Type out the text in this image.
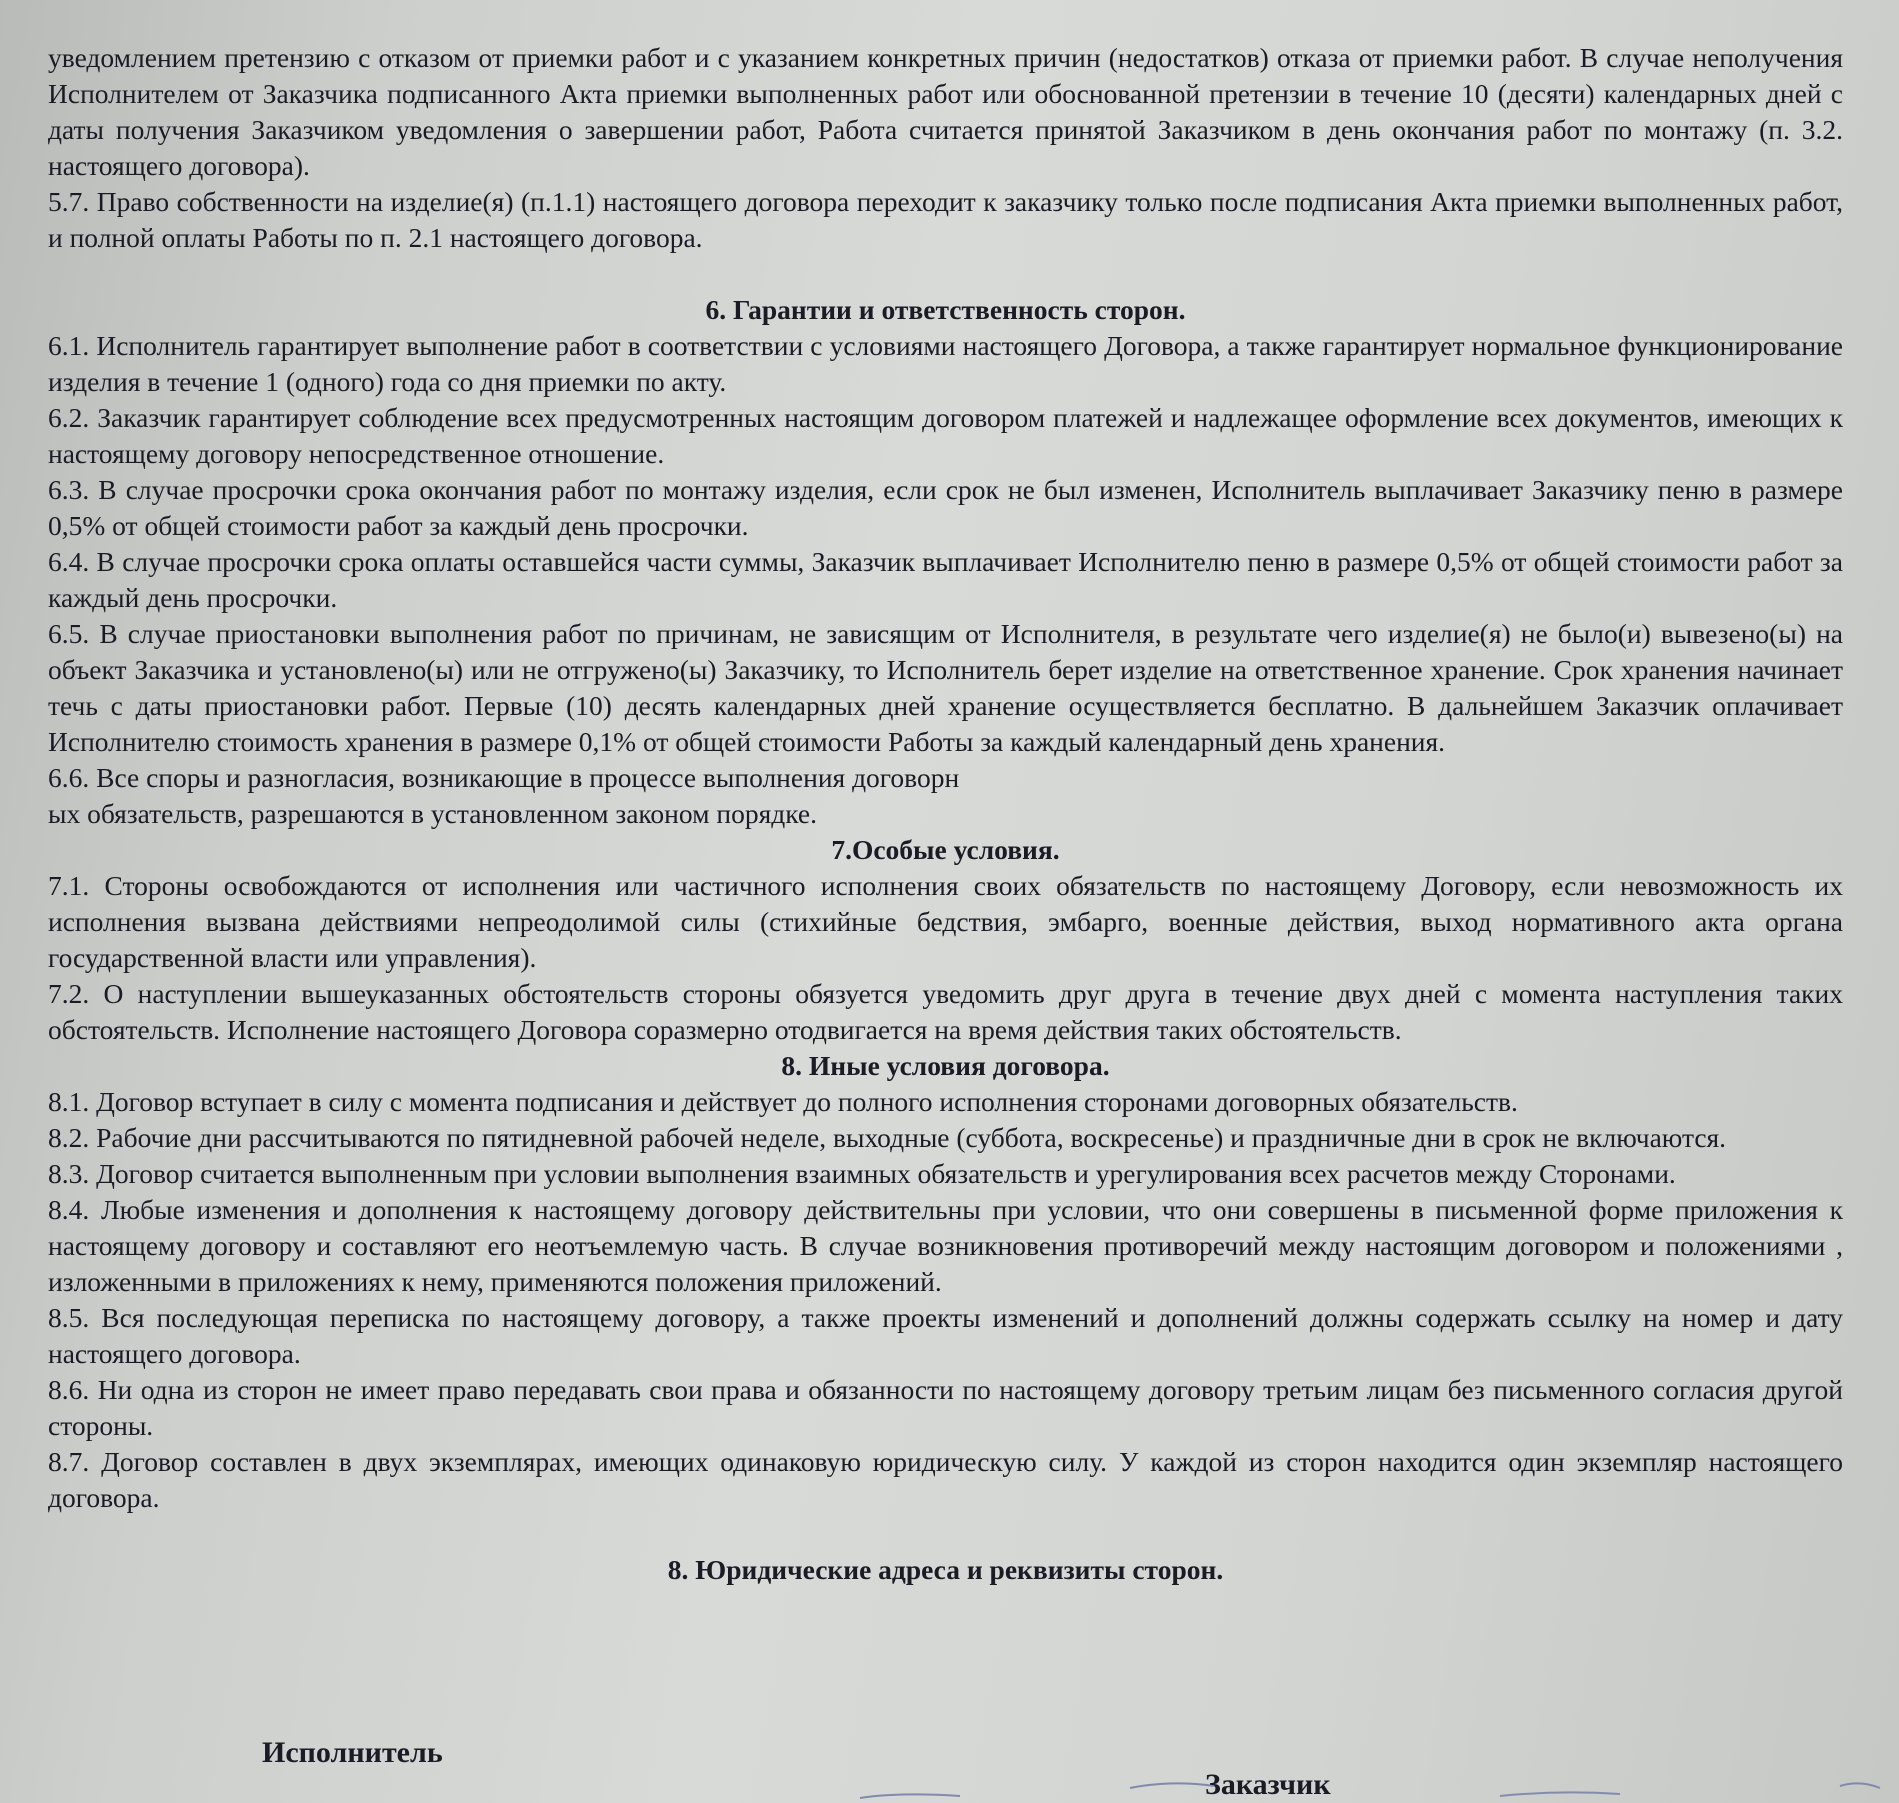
уведомлением претензию с отказом от приемки работ и с указанием конкретных причин (недостатков) отказа от приемки работ. В случае неполучения Исполнителем от Заказчика подписанного Акта приемки выполненных работ или обоснованной претензии в течение 10 (десяти) календарных дней с даты получения Заказчиком уведомления о завершении работ, Работа считается принятой Заказчиком в день окончания работ по монтажу (п. 3.2. настоящего договора).

5.7. Право собственности на изделие(я) (п.1.1) настоящего договора переходит к заказчику только после подписания Акта приемки выполненных работ, и полной оплаты Работы по п. 2.1 настоящего договора.

6. Гарантии и ответственность сторон.

6.1. Исполнитель гарантирует выполнение работ в соответствии с условиями настоящего Договора, а также гарантирует нормальное функционирование изделия в течение 1 (одного) года со дня приемки по акту.

6.2. Заказчик гарантирует соблюдение всех предусмотренных настоящим договором платежей и надлежащее оформление всех документов, имеющих к настоящему договору непосредственное отношение.

6.3. В случае просрочки срока окончания работ по монтажу изделия, если срок не был изменен, Исполнитель выплачивает Заказчику пеню в размере 0,5% от общей стоимости работ за каждый день просрочки.

6.4. В случае просрочки срока оплаты оставшейся части суммы, Заказчик выплачивает Исполнителю пеню в размере 0,5% от общей стоимости работ за каждый день просрочки.

6.5. В случае приостановки выполнения работ по причинам, не зависящим от Исполнителя, в результате чего изделие(я) не было(и) вывезено(ы) на объект Заказчика и установлено(ы) или не отгружено(ы) Заказчику, то Исполнитель берет изделие на ответственное хранение. Срок хранения начинает течь с даты приостановки работ. Первые (10) десять календарных дней хранение осуществляется бесплатно. В дальнейшем Заказчик оплачивает Исполнителю стоимость хранения в размере 0,1% от общей стоимости Работы за каждый календарный день хранения.

6.6. Все споры и разногласия, возникающие в процессе выполнения договорн

ых обязательств, разрешаются в установленном законом порядке.

7.Особые условия.

7.1. Стороны освобождаются от исполнения или частичного исполнения своих обязательств по настоящему Договору, если невозможность их исполнения вызвана действиями непреодолимой силы (стихийные бедствия, эмбарго, военные действия, выход нормативного акта органа государственной власти или управления).

7.2. О наступлении вышеуказанных обстоятельств стороны обязуется уведомить друг друга в течение двух дней с момента наступления таких обстоятельств. Исполнение настоящего Договора соразмерно отодвигается на время действия таких обстоятельств.

8. Иные условия договора.

8.1. Договор вступает в силу с момента подписания и действует до полного исполнения сторонами договорных обязательств.

8.2. Рабочие дни рассчитываются по пятидневной рабочей неделе, выходные (суббота, воскресенье) и праздничные дни в срок не включаются.

8.3. Договор считается выполненным при условии выполнения взаимных обязательств и урегулирования всех расчетов между Сторонами.

8.4. Любые изменения и дополнения к настоящему договору действительны при условии, что они совершены в письменной форме приложения к настоящему договору и составляют его неотъемлемую часть. В случае возникновения противоречий между настоящим договором и положениями , изложенными в приложениях к нему, применяются положения приложений.

8.5. Вся последующая переписка по настоящему договору, а также проекты изменений и дополнений должны содержать ссылку на номер и дату настоящего договора.

8.6. Ни одна из сторон не имеет право передавать свои права и обязанности по настоящему договору третьим лицам без письменного согласия другой стороны.

8.7. Договор составлен в двух экземплярах, имеющих одинаковую юридическую силу. У каждой из сторон находится один экземпляр настоящего договора.

8. Юридические адреса и реквизиты сторон.

Исполнитель
Заказчик
